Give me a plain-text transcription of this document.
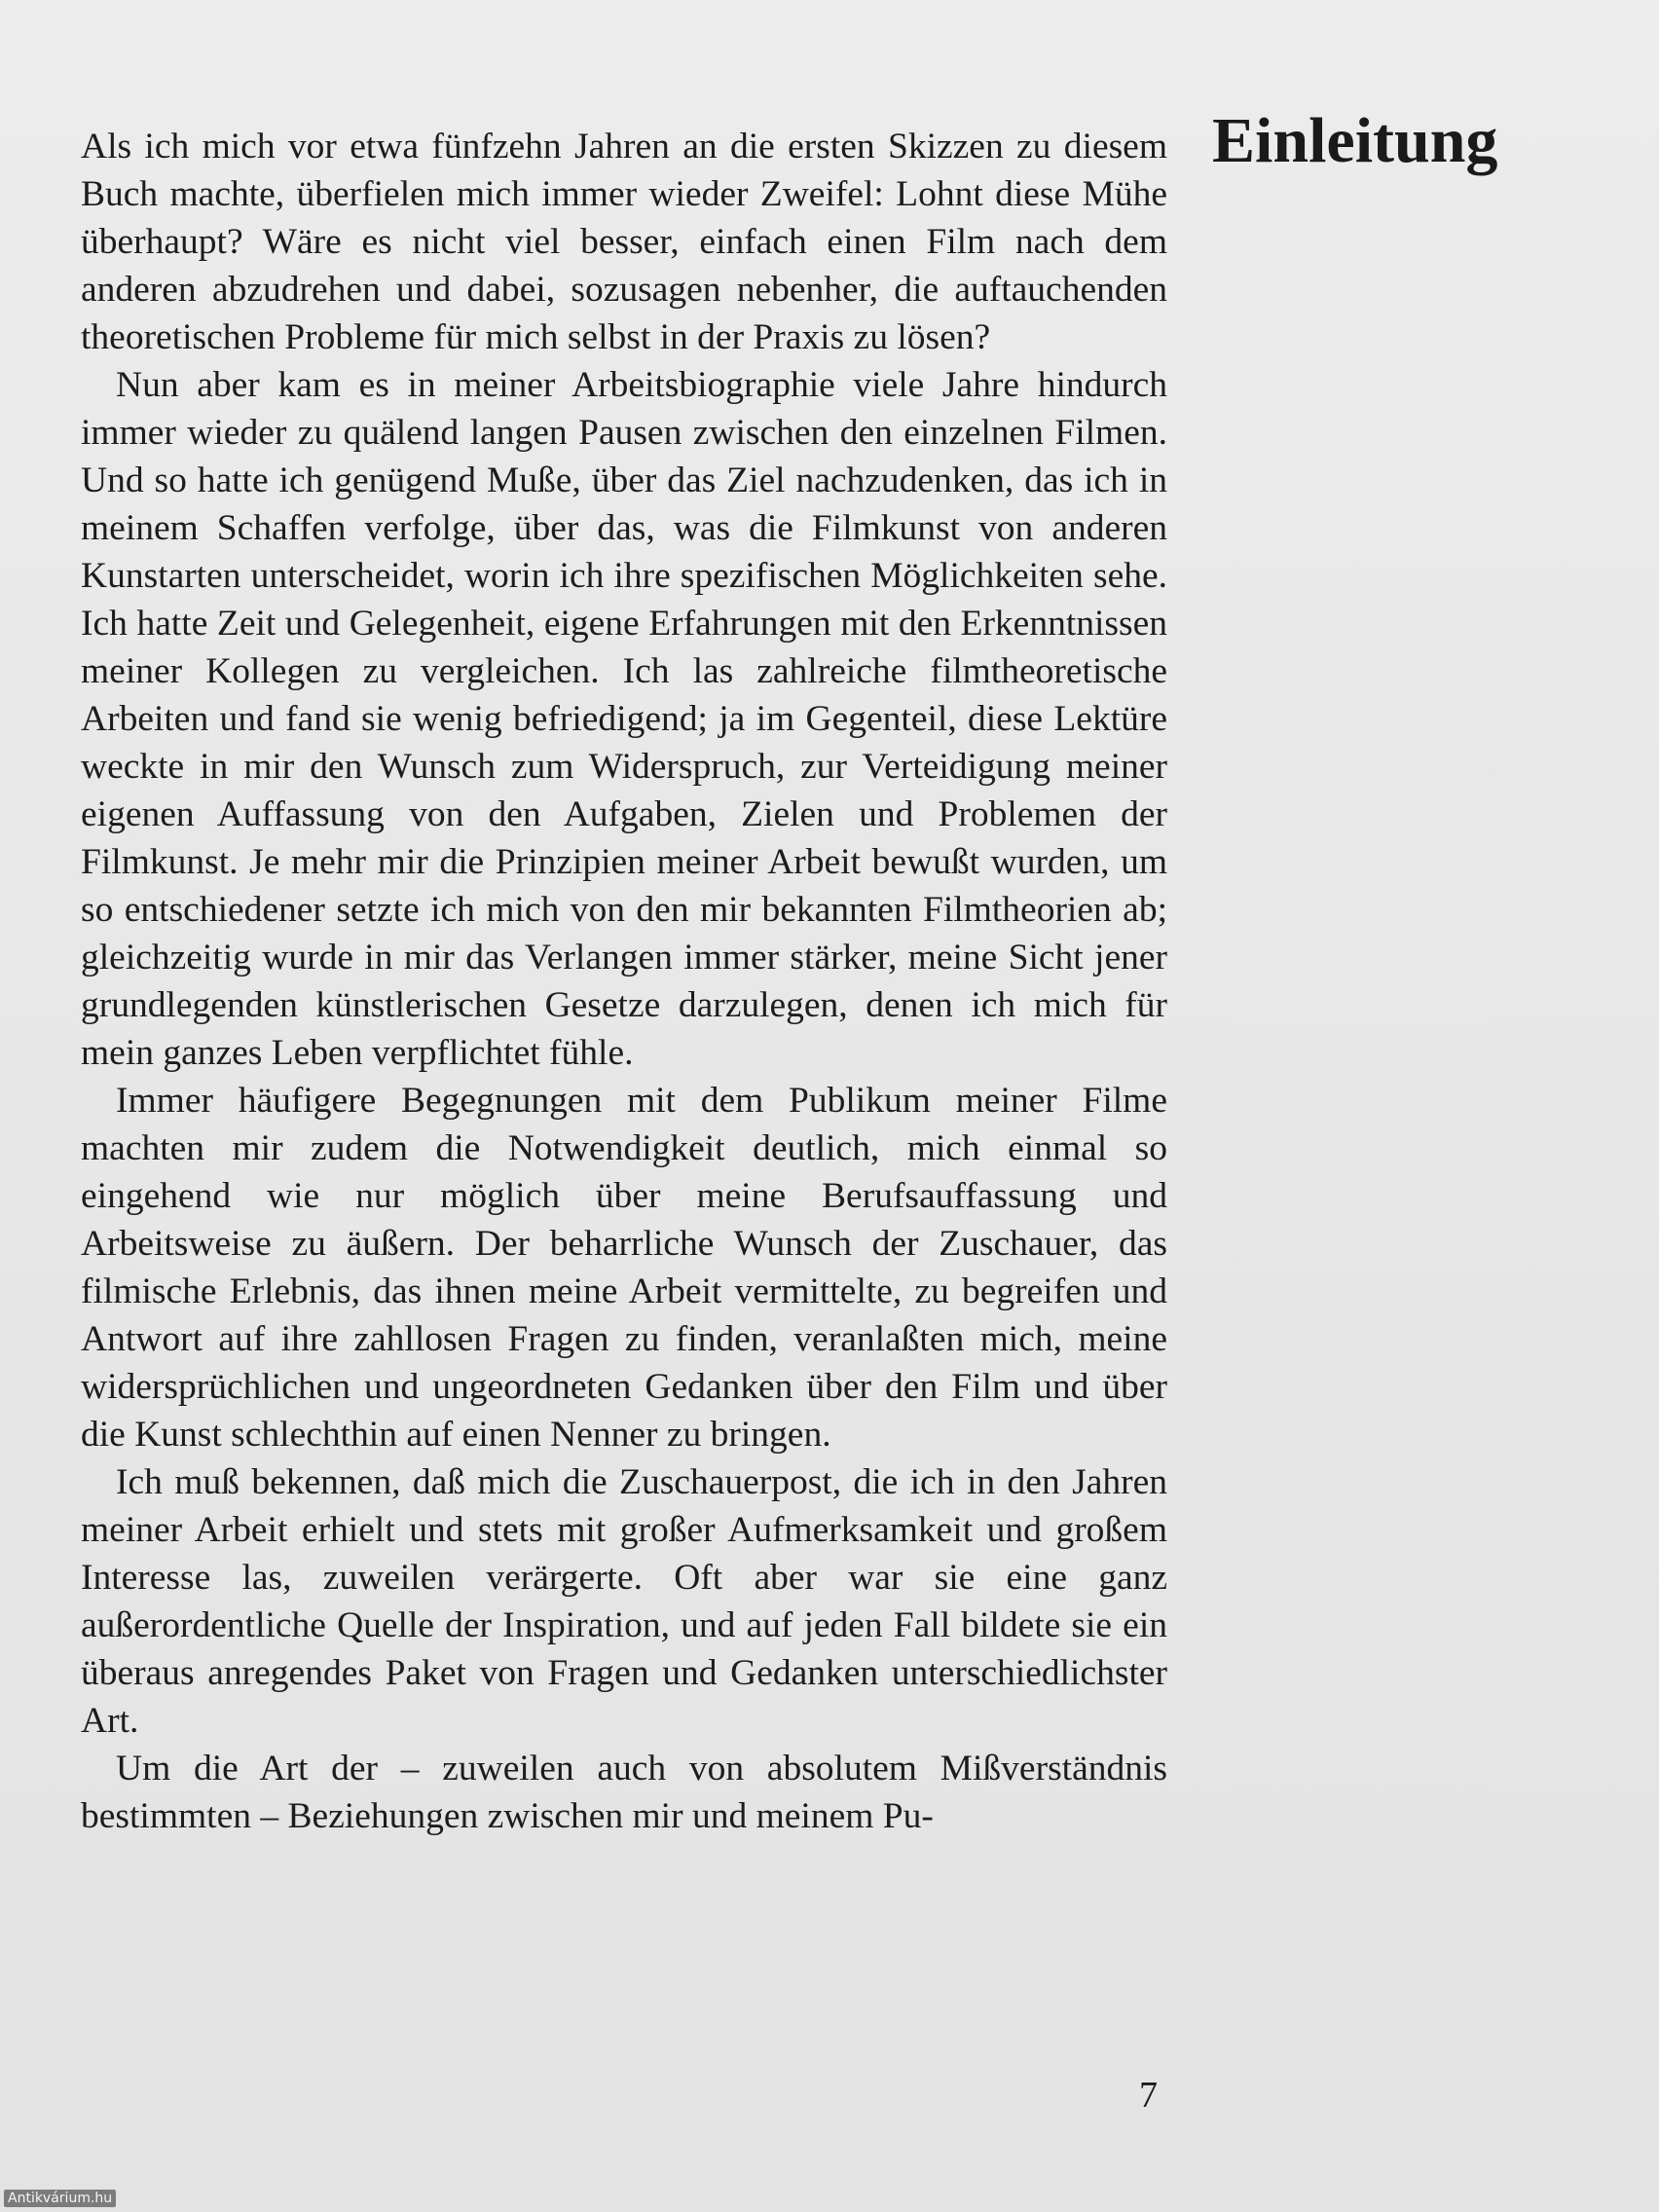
Einleitung

Als ich mich vor etwa fünfzehn Jahren an die ersten Skizzen zu diesem Buch machte, überfielen mich immer wieder Zweifel: Lohnt diese Mühe überhaupt? Wäre es nicht viel besser, einfach einen Film nach dem anderen abzudrehen und dabei, sozusagen nebenher, die auftauchenden theoretischen Probleme für mich selbst in der Praxis zu lösen?

Nun aber kam es in meiner Arbeitsbiographie viele Jahre hindurch immer wieder zu quälend langen Pausen zwischen den einzelnen Filmen. Und so hatte ich genügend Muße, über das Ziel nachzudenken, das ich in meinem Schaffen verfolge, über das, was die Filmkunst von anderen Kunstarten unterscheidet, worin ich ihre spezifischen Möglichkeiten sehe. Ich hatte Zeit und Gelegenheit, eigene Erfahrungen mit den Erkenntnissen meiner Kollegen zu vergleichen. Ich las zahlreiche filmtheoretische Arbeiten und fand sie wenig befriedigend; ja im Gegenteil, diese Lektüre weckte in mir den Wunsch zum Widerspruch, zur Verteidigung meiner eigenen Auffassung von den Aufgaben, Zielen und Problemen der Filmkunst. Je mehr mir die Prinzipien meiner Arbeit bewußt wurden, um so entschiedener setzte ich mich von den mir bekannten Filmtheorien ab; gleichzeitig wurde in mir das Verlangen immer stärker, meine Sicht jener grundlegenden künstlerischen Gesetze darzulegen, denen ich mich für mein ganzes Leben verpflichtet fühle.

Immer häufigere Begegnungen mit dem Publikum meiner Filme machten mir zudem die Notwendigkeit deutlich, mich einmal so eingehend wie nur möglich über meine Berufsauffassung und Arbeitsweise zu äußern. Der beharrliche Wunsch der Zuschauer, das filmische Erlebnis, das ihnen meine Arbeit vermittelte, zu begreifen und Antwort auf ihre zahllosen Fragen zu finden, veranlaßten mich, meine widersprüchlichen und ungeordneten Gedanken über den Film und über die Kunst schlechthin auf einen Nenner zu bringen.

Ich muß bekennen, daß mich die Zuschauerpost, die ich in den Jahren meiner Arbeit erhielt und stets mit großer Aufmerksamkeit und großem Interesse las, zuweilen verärgerte. Oft aber war sie eine ganz außerordentliche Quelle der Inspiration, und auf jeden Fall bildete sie ein überaus anregendes Paket von Fragen und Gedanken unterschiedlichster Art.

Um die Art der – zuweilen auch von absolutem Mißverständnis bestimmten – Beziehungen zwischen mir und meinem Pu-

7
Antikvárium.hu
